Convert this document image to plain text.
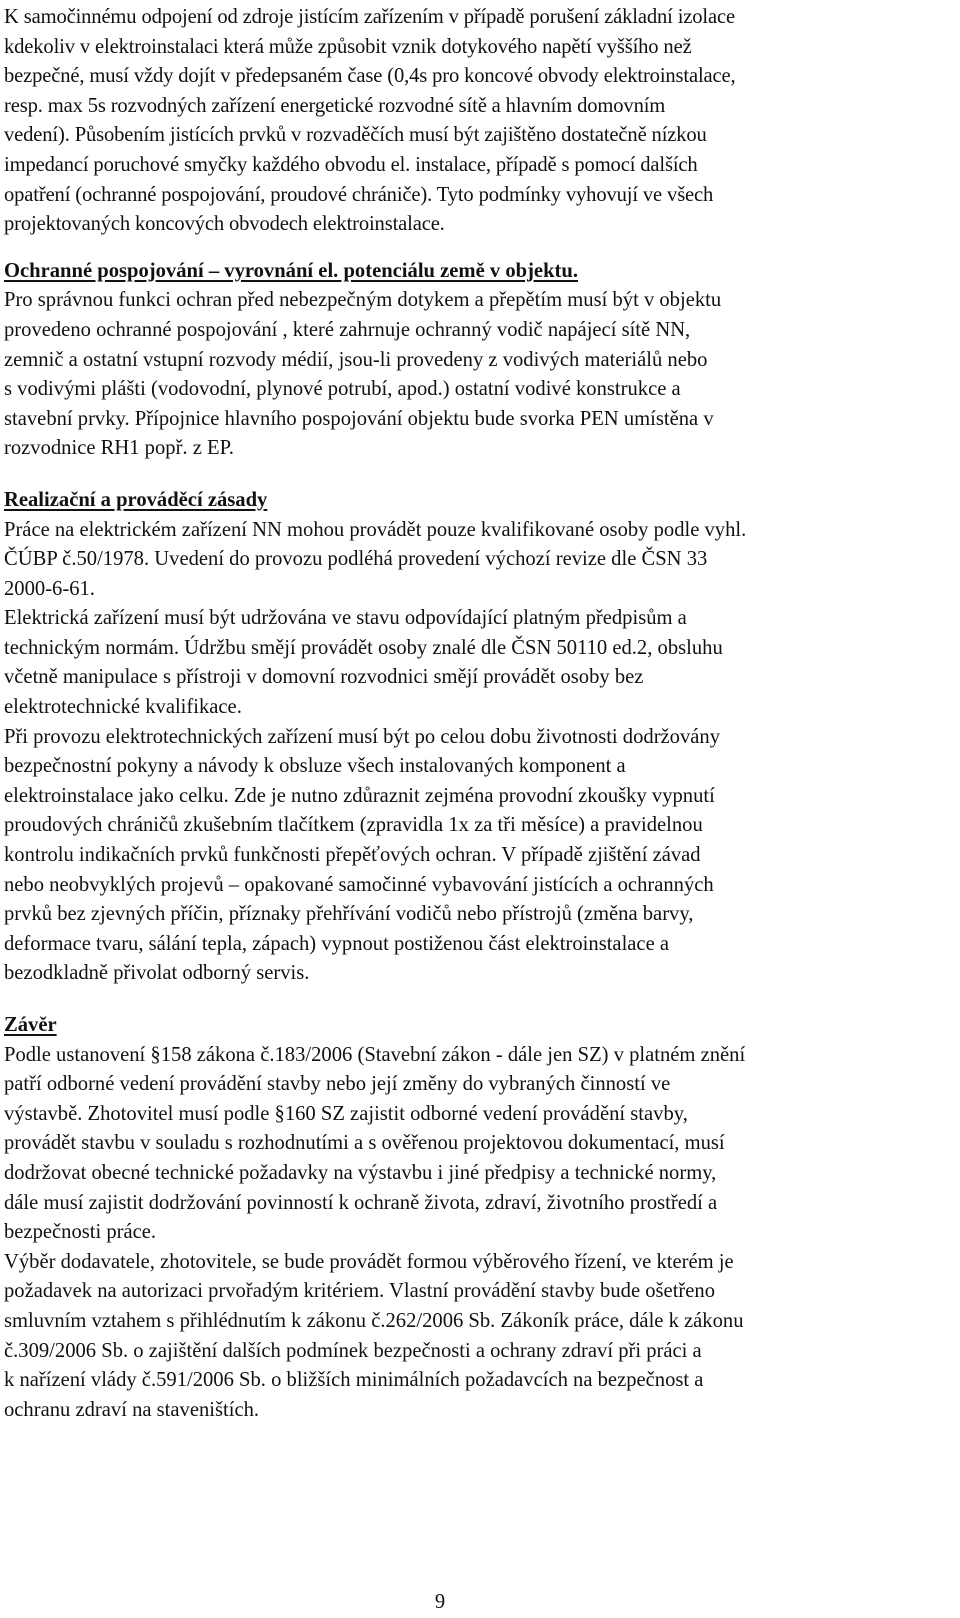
K samočinnému odpojení od zdroje jistícím zařízením v případě porušení základní izolace
kdekoliv v elektroinstalaci která může způsobit vznik dotykového napětí vyššího než
bezpečné, musí vždy dojít v předepsaném čase (0,4s pro koncové obvody elektroinstalace,
resp. max 5s rozvodných zařízení energetické rozvodné sítě a hlavním domovním
vedení). Působením jistících prvků v rozvaděčích musí být zajištěno dostatečně nízkou
impedancí poruchové smyčky každého obvodu el. instalace, případě s pomocí dalších
opatření (ochranné pospojování, proudové chrániče). Tyto podmínky vyhovují ve všech
projektovaných koncových obvodech elektroinstalace.

Ochranné pospojování – vyrovnání el. potenciálu země v objektu.

Pro správnou funkci ochran před nebezpečným dotykem a přepětím musí být v objektu
provedeno ochranné pospojování , které zahrnuje ochranný vodič napájecí sítě NN,
zemnič a ostatní vstupní rozvody médií, jsou-li provedeny z vodivých materiálů nebo
s vodivými plášti (vodovodní, plynové potrubí, apod.) ostatní vodivé konstrukce a
stavební prvky. Přípojnice hlavního pospojování objektu bude svorka PEN umístěna v
rozvodnice RH1 popř. z EP.

Realizační a prováděcí zásady

Práce na elektrickém zařízení NN mohou provádět pouze kvalifikované osoby podle vyhl.
ČÚBP č.50/1978. Uvedení do provozu podléhá provedení výchozí revize dle ČSN 33
2000-6-61.

Elektrická zařízení musí být udržována ve stavu odpovídající platným předpisům a
technickým normám. Údržbu smějí provádět osoby znalé dle ČSN 50110 ed.2, obsluhu
včetně manipulace s přístroji v domovní rozvodnici smějí provádět osoby bez
elektrotechnické kvalifikace.

Při provozu elektrotechnických zařízení musí být po celou dobu životnosti dodržovány
bezpečnostní pokyny a návody k obsluze všech instalovaných komponent a
elektroinstalace jako celku. Zde je nutno zdůraznit zejména provodní zkoušky vypnutí
proudových chráničů zkušebním tlačítkem (zpravidla 1x za tři měsíce) a pravidelnou
kontrolu indikačních prvků funkčnosti přepěťových ochran. V případě zjištění závad
nebo neobvyklých projevů – opakované samočinné vybavování jistících a ochranných
prvků bez zjevných příčin, příznaky přehřívání vodičů nebo přístrojů (změna barvy,
deformace tvaru, sálání tepla, zápach) vypnout postiženou část elektroinstalace a
bezodkladně přivolat odborný servis.

Závěr

Podle ustanovení §158 zákona č.183/2006 (Stavební zákon - dále jen SZ) v platném znění
patří odborné vedení provádění stavby nebo její změny do vybraných činností ve
výstavbě. Zhotovitel musí podle §160 SZ zajistit odborné vedení provádění stavby,
provádět stavbu v souladu s rozhodnutími a s ověřenou projektovou dokumentací, musí
dodržovat obecné technické požadavky na výstavbu i jiné předpisy a technické normy,
dále musí zajistit dodržování povinností k ochraně života, zdraví, životního prostředí a
bezpečnosti práce.

Výběr dodavatele, zhotovitele, se bude provádět formou výběrového řízení, ve kterém je
požadavek na autorizaci prvořadým kritériem. Vlastní provádění stavby bude ošetřeno
smluvním vztahem s přihlédnutím k zákonu č.262/2006 Sb. Zákoník práce, dále k zákonu
č.309/2006 Sb. o zajištění dalších podmínek bezpečnosti a ochrany zdraví při práci a
k nařízení vlády č.591/2006 Sb. o bližších minimálních požadavcích na bezpečnost a
ochranu zdraví na staveništích.

9
